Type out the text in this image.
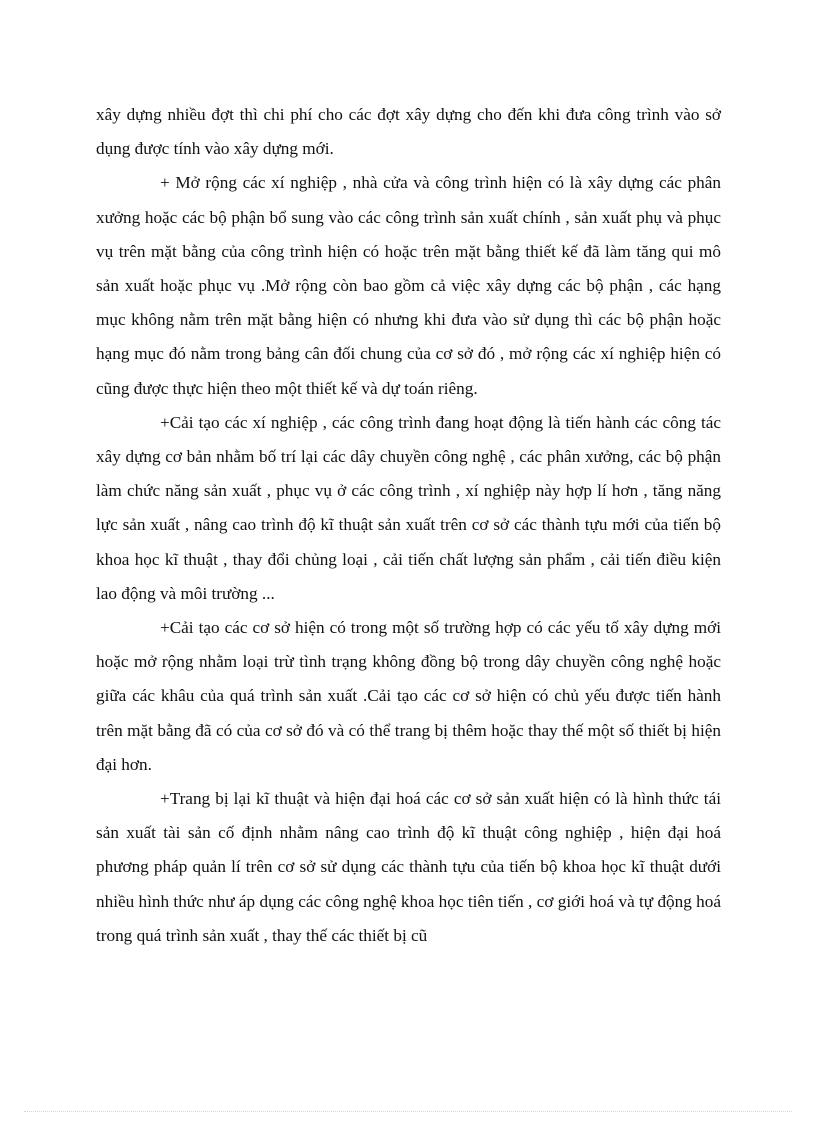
xây dựng nhiều đợt thì chi phí cho các đợt xây dựng cho đến khi đưa công trình vào sở dụng được tính vào xây dựng mới.

+ Mở rộng các xí nghiệp , nhà cửa và công trình hiện có là xây dựng các phân xưởng hoặc các bộ phận bổ sung vào các công trình sản xuất chính , sản xuất phụ và phục vụ trên mặt bằng của công trình hiện có hoặc trên mặt bằng thiết kế đã làm tăng qui mô sản xuất hoặc phục vụ .Mở rộng còn bao gồm cả việc xây dựng các bộ phận , các hạng mục không nằm trên mặt bằng hiện có nhưng khi đưa vào sử dụng thì các bộ phận hoặc hạng mục đó nằm trong bảng cân đối chung của cơ sở đó , mở rộng các xí nghiệp hiện có cũng được thực hiện theo một thiết kế và dự toán riêng.

+Cải tạo các xí nghiệp , các công trình đang hoạt động là tiến hành các công tác xây dựng cơ bản nhằm bố trí lại các dây chuyền công nghệ , các phân xưởng, các bộ phận làm chức năng sản xuất , phục vụ ở các công trình , xí nghiệp này hợp lí hơn , tăng năng lực sản xuất , nâng cao trình độ kĩ thuật sản xuất trên cơ sở các thành tựu mới của tiến bộ khoa học kĩ thuật , thay đổi chủng loại , cải tiến chất lượng sản phẩm , cải tiến điều kiện lao động và môi trường ...

+Cải tạo các cơ sở hiện có trong một số trường hợp có các yếu tố xây dựng mới hoặc mở rộng nhằm loại trừ tình trạng không đồng bộ trong dây chuyền công nghệ hoặc giữa các khâu của quá trình sản xuất .Cải tạo các cơ sở hiện có chủ yếu được tiến hành trên mặt bằng đã có của cơ sở đó và có thể trang bị thêm hoặc thay thế một số thiết bị hiện đại hơn.

+Trang bị lại kĩ thuật và hiện đại hoá các cơ sở sản xuất hiện có là hình thức tái sản xuất tài sản cố định nhằm nâng cao trình độ kĩ thuật công nghiệp , hiện đại hoá phương pháp quản lí trên cơ sở sử dụng các thành tựu của tiến bộ khoa học kĩ thuật dưới nhiều hình thức như áp dụng các công nghệ khoa học tiên tiến , cơ giới hoá và tự động hoá trong quá trình sản xuất , thay thế các thiết bị cũ
